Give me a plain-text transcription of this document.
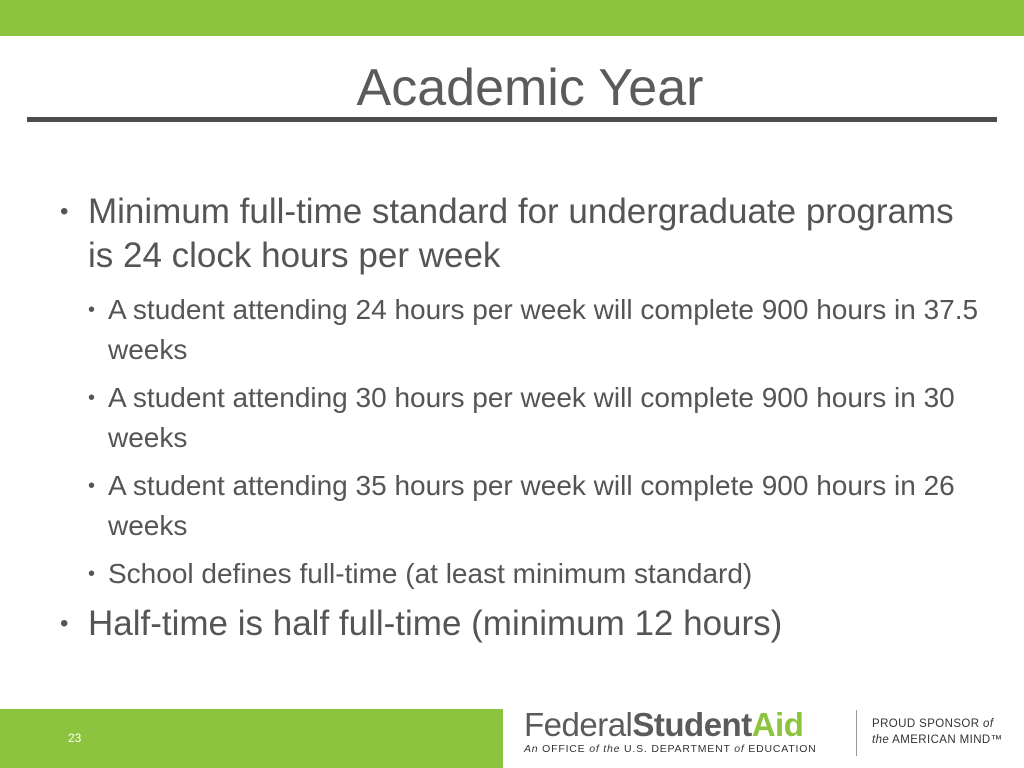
Academic Year
• Minimum full-time standard for undergraduate programs is 24 clock hours per week
• A student attending 24 hours per week will complete 900 hours in 37.5 weeks
• A student attending 30 hours per week will complete 900 hours in 30 weeks
• A student attending 35 hours per week will complete 900 hours in 26 weeks
• School defines full-time (at least minimum standard)
• Half-time is half full-time (minimum 12 hours)
23	FederalStudentAid
An OFFICE of the U.S. DEPARTMENT of EDUCATION
PROUD SPONSOR of
the AMERICAN MIND™
